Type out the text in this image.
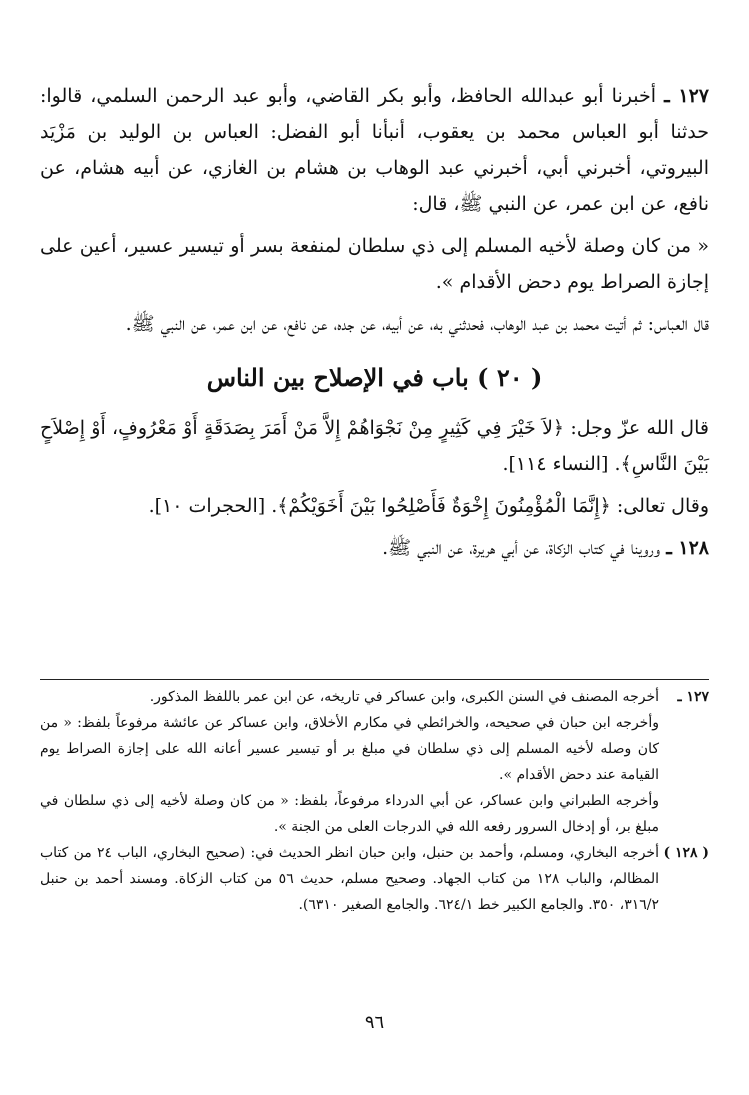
١٢٧ ـ أخبرنا أبو عبدالله الحافظ، وأبو بكر القاضي، وأبو عبد الرحمن السلمي، قالوا: حدثنا أبو العباس محمد بن يعقوب، أنبأنا أبو الفضل: العباس بن الوليد بن مَزْيَد البيروتي، أخبرني أبي، أخبرني عبد الوهاب بن هشام بن الغازي، عن أبيه هشام، عن نافع، عن ابن عمر، عن النبي ﷺ، قال:

« من كان وصلة لأخيه المسلم إلى ذي سلطان لمنفعة بسر أو تيسير عسير، أعين على إجازة الصراط يوم دحض الأقدام ».

قال العباس: ثم أتيت محمد بن عبد الوهاب، فحدثني به، عن أبيه، عن جده، عن نافع، عن ابن عمر، عن النبي ﷺ.

( ٢٠ ) باب في الإصلاح بين الناس

قال الله عزّ وجل: ﴿لاَ خَيْرَ فِي كَثِيرٍ مِنْ نَجْوَاهُمْ إِلاَّ مَنْ أَمَرَ بِصَدَقَةٍ أَوْ مَعْرُوفٍ، أَوْ إِصْلاَحٍ بَيْنَ النَّاسِ﴾. [النساء ١١٤].

وقال تعالى: ﴿إِنَّمَا الْمُؤْمِنُونَ إِخْوَةٌ فَأَصْلِحُوا بَيْنَ أَخَوَيْكُمْ﴾. [الحجرات ١٠].

١٢٨ ـ وروينا في كتاب الزكاة، عن أبي هريرة، عن النبي ﷺ.

١٢٧ ـ

أخرجه المصنف في السنن الكبرى، وابن عساكر في تاريخه، عن ابن عمر باللفظ المذكور.

وأخرجه ابن حبان في صحيحه، والخرائطي في مكارم الأخلاق، وابن عساكر عن عائشة مرفوعاً بلفظ: « من كان وصله لأخيه المسلم إلى ذي سلطان في مبلغ بر أو تيسير عسير أعانه الله على إجازة الصراط يوم القيامة عند دحض الأقدام ».

وأخرجه الطبراني وابن عساكر، عن أبي الدرداء مرفوعاً، بلفظ: « من كان وصلة لأخيه إلى ذي سلطان في مبلغ بر، أو إدخال السرور رفعه الله في الدرجات العلى من الجنة ».

( ١٢٨ )

أخرجه البخاري، ومسلم، وأحمد بن حنبل، وابن حبان انظر الحديث في: (صحيح البخاري، الباب ٢٤ من كتاب المظالم، والباب ١٢٨ من كتاب الجهاد. وصحيح مسلم، حديث ٥٦ من كتاب الزكاة. ومسند أحمد بن حنبل ٣١٦/٢، ٣٥٠. والجامع الكبير خط ٦٢٤/١. والجامع الصغير ٦٣١٠).

٩٦
